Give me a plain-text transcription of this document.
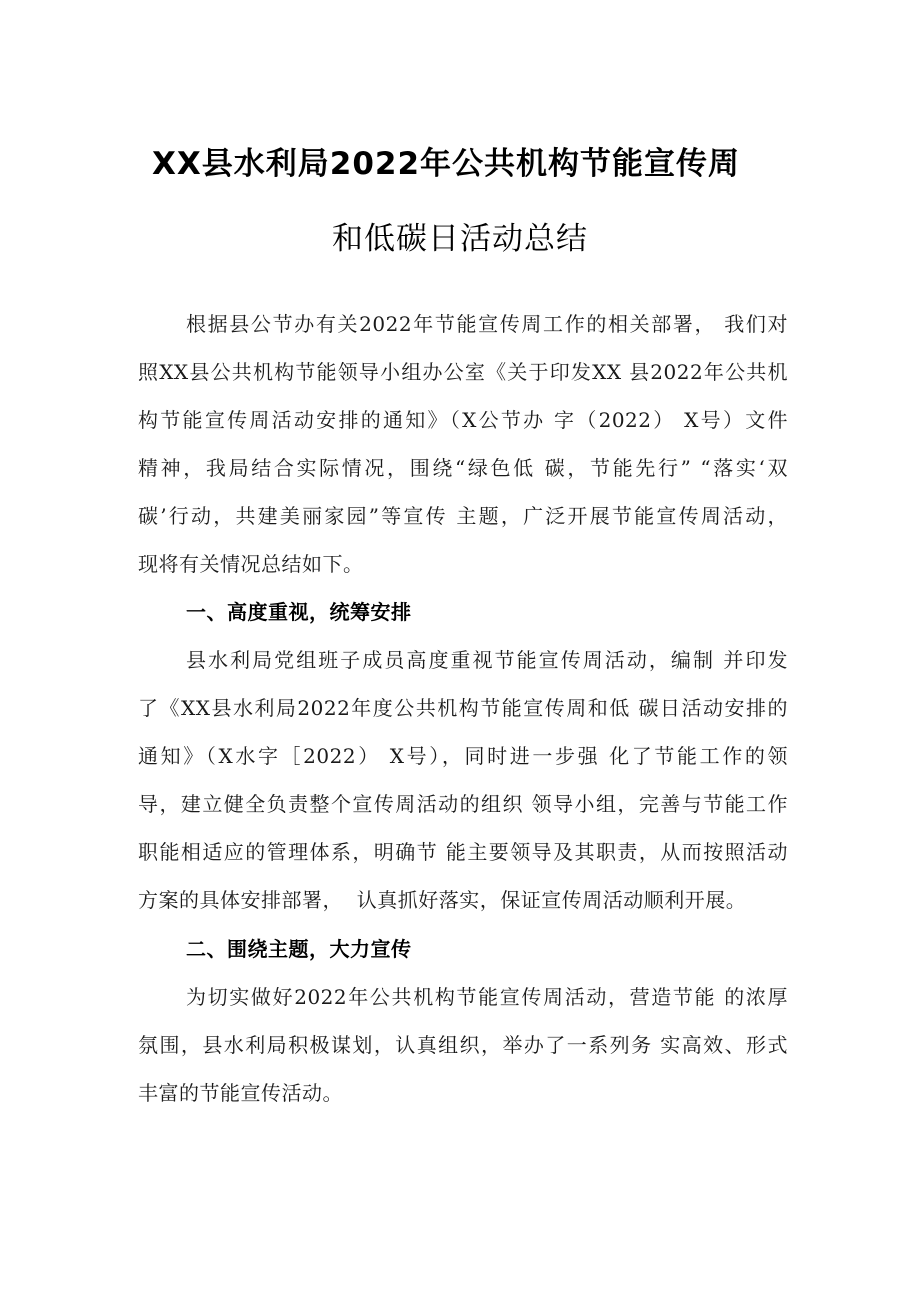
XX县水利局2022年公共机构节能宣传周
和低碳日活动总结
根据县公节办有关2022年节能宣传周工作的相关部署， 我们对
照XX县公共机构节能领导小组办公室《关于印发XX 县2022年公共机
构节能宣传周活动安排的通知》（X公节办 字（2022） X号）文件
精神，我局结合实际情况，围绕“绿色低 碳，节能先行” “落实‘双
碳’行动，共建美丽家园”等宣传 主题，广泛开展节能宣传周活动，
现将有关情况总结如下。
一、高度重视，统筹安排
县水利局党组班子成员高度重视节能宣传周活动，编制 并印发
了《XX县水利局2022年度公共机构节能宣传周和低 碳日活动安排的
通知》（X水字［2022） X号），同时进一步强 化了节能工作的领
导，建立健全负责整个宣传周活动的组织 领导小组，完善与节能工作
职能相适应的管理体系，明确节 能主要领导及其职责，从而按照活动
方案的具体安排部署，  认真抓好落实，保证宣传周活动顺利开展。
二、围绕主题，大力宣传
为切实做好2022年公共机构节能宣传周活动，营造节能 的浓厚
氛围，县水利局积极谋划，认真组织，举办了一系列务 实高效、形式
丰富的节能宣传活动。
